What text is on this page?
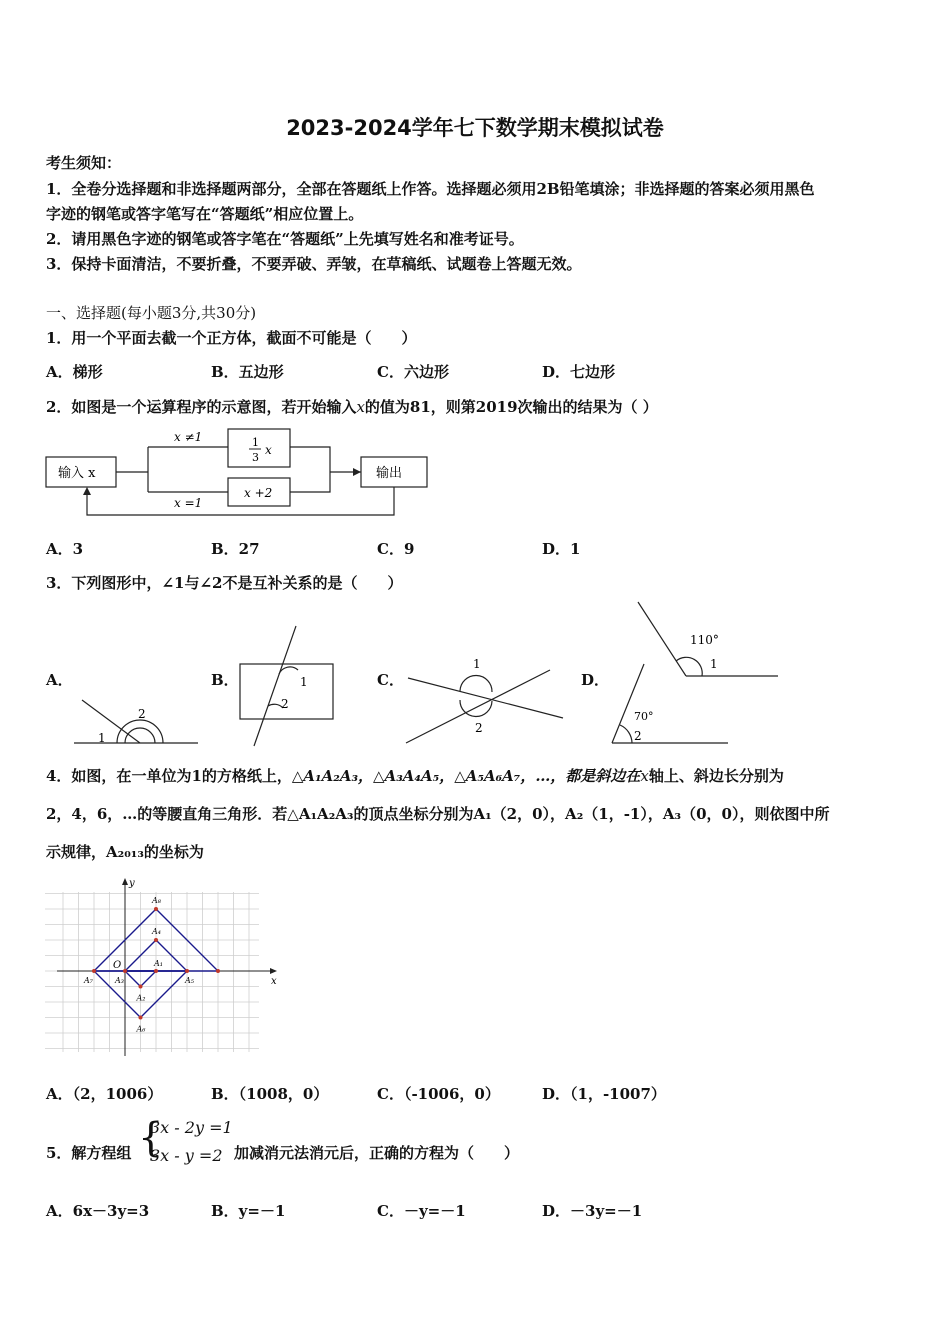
2023-2024学年七下数学期末模拟试卷
考生须知：
1．全卷分选择题和非选择题两部分，全部在答题纸上作答。选择题必须用2B铅笔填涂；非选择题的答案必须用黑色
字迹的钢笔或答字笔写在“答题纸”相应位置上。
2．请用黑色字迹的钢笔或答字笔在“答题纸”上先填写姓名和准考证号。
3．保持卡面清洁，不要折叠，不要弄破、弄皱，在草稿纸、试题卷上答题无效。
一、选择题(每小题3分,共30分)
1．用一个平面去截一个正方体，截面不可能是（　　）
A．梯形	B．五边形	C．六边形	D．七边形
2．如图是一个运算程序的示意图，若开始输入x的值为81，则第2019次输出的结果为（ ）
输入 x	输出
x ≠1
x =1
1
3
x
x +2
A．3	B．27	C．9	D．1
3．下列图形中，∠1与∠2不是互补关系的是（　　）
A．
2
1
B．	1
2
C．
1
2
D．
110°
1
70°
2
4．如图，在一单位为1的方格纸上，△A₁A₂A₃，△A₃A₄A₅，△A₅A₆A₇，…，都是斜边在x轴上、斜边长分别为
2，4，6，…的等腰直角三角形．若△A₁A₂A₃的顶点坐标分别为A₁（2，0），A₂（1，-1），A₃（0，0），则依图中所
示规律，A₂₀₁₃的坐标为
x
y
O	A₁
A₂
A₃
A₄
A₅
A₆
A₇
A₈
A．（2，1006）	B．（1008，0）	C．（-1006，0）	D．（1，-1007）
5．解方程组 {
3x - 2y =1
3x - y =2 加减消元法消元后，正确的方程为（　　）
A．6x－3y=3	B．y=－1	C．－y=－1	D．－3y=－1
